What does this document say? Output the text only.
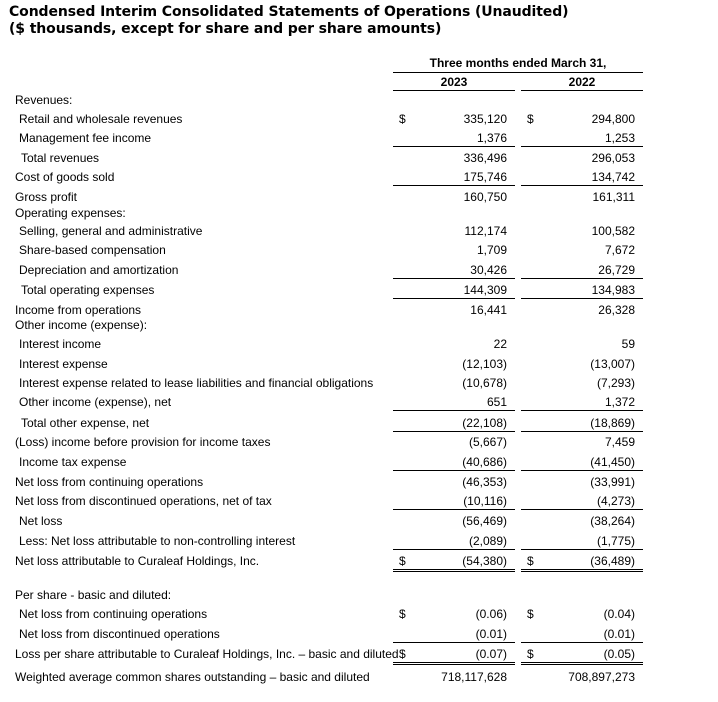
Condensed Interim Consolidated Statements of Operations (Unaudited)
($ thousands, except for share and per share amounts)
Three months ended March 31,
2023	2022
Revenues:
Retail and wholesale revenues	$	335,120 $	294,800
Management fee income	1,376	1,253
Total revenues	336,496	296,053
Cost of goods sold	175,746	134,742
Gross profit	160,750	161,311
Operating expenses:
Selling, general and administrative	112,174	100,582
Share-based compensation	1,709	7,672
Depreciation and amortization	30,426	26,729
Total operating expenses	144,309	134,983
Income from operations	16,441	26,328
Other income (expense):
Interest income	22	59
Interest expense	(12,103)	(13,007)
Interest expense related to lease liabilities and financial obligations	(10,678)	(7,293)
Other income (expense), net	651	1,372
Total other expense, net	(22,108)	(18,869)
(Loss) income before provision for income taxes	(5,667)	7,459
Income tax expense	(40,686)	(41,450)
Net loss from continuing operations	(46,353)	(33,991)
Net loss from discontinued operations, net of tax	(10,116)	(4,273)
Net loss	(56,469)	(38,264)
Less: Net loss attributable to non-controlling interest	(2,089)	(1,775)
Net loss attributable to Curaleaf Holdings, Inc.	$	(54,380) $	(36,489)
Per share - basic and diluted:
Net loss from continuing operations	$	(0.06) $	(0.04)
Net loss from discontinued operations	(0.01)	(0.01)
Loss per share attributable to Curaleaf Holdings, Inc. – basic and diluted $	(0.07) $	(0.05)
Weighted average common shares outstanding – basic and diluted	718,117,628	708,897,273
